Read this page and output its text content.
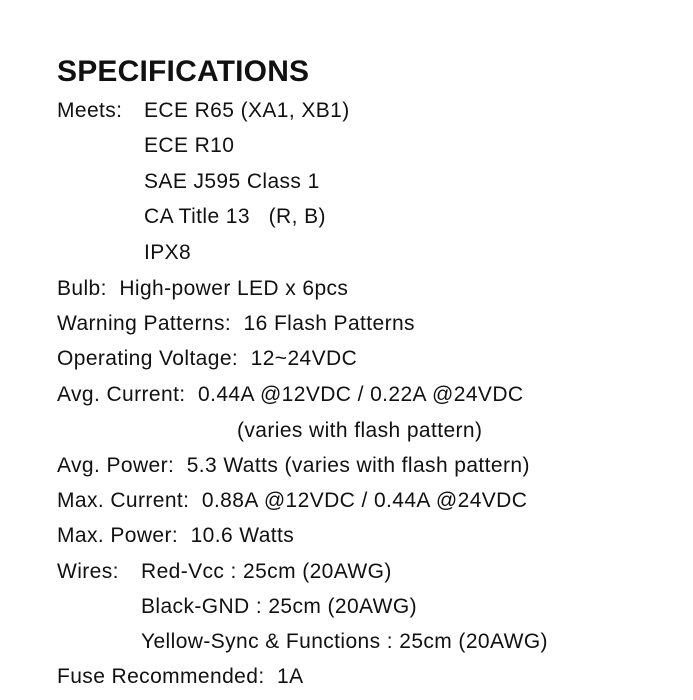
SPECIFICATIONS
Meets: ECE R65 (XA1, XB1)
ECE R10
SAE J595 Class 1
CA Title 13   (R, B)
IPX8
Bulb:  High-power LED x 6pcs
Warning Patterns:  16 Flash Patterns
Operating Voltage:  12~24VDC
Avg. Current:  0.44A @12VDC / 0.22A @24VDC
(varies with flash pattern)
Avg. Power:  5.3 Watts (varies with flash pattern)
Max. Current:  0.88A @12VDC / 0.44A @24VDC
Max. Power:  10.6 Watts
Wires: Red-Vcc : 25cm (20AWG)
Black-GND : 25cm (20AWG)
Yellow-Sync & Functions : 25cm (20AWG)
Fuse Recommended:  1A
